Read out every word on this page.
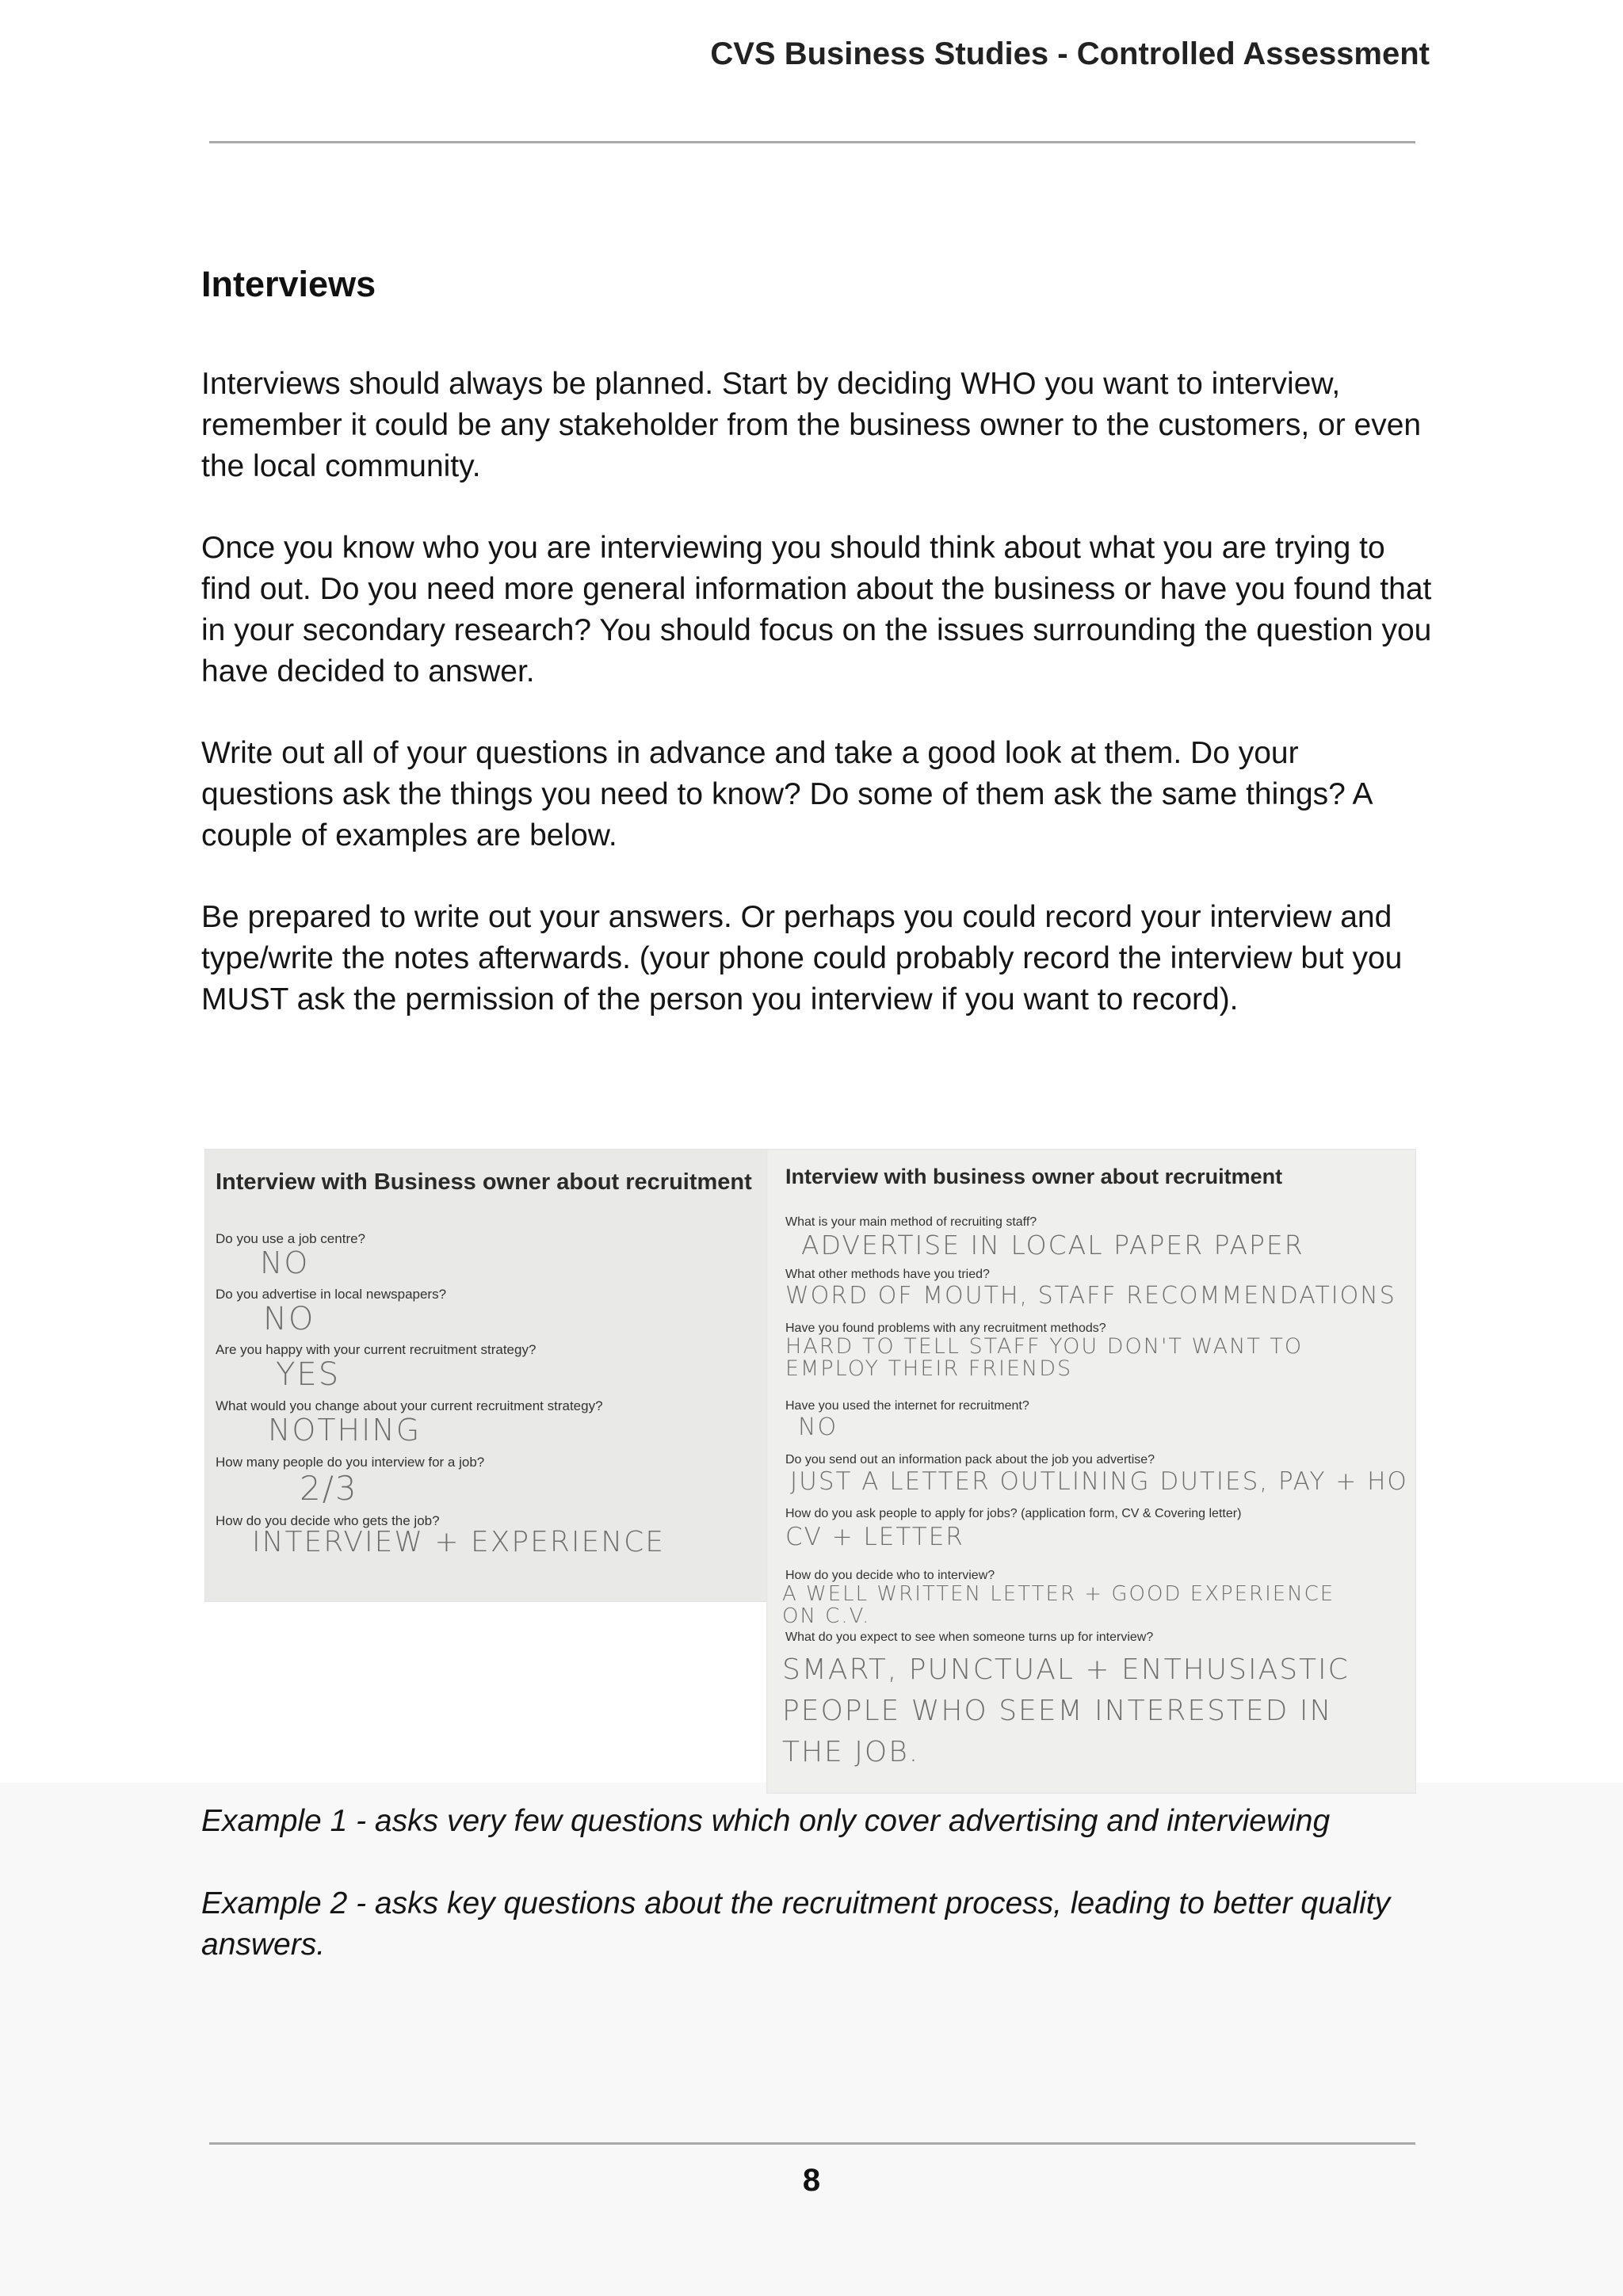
CVS Business Studies - Controlled Assessment
Interviews
Interviews should always be planned. Start by deciding WHO you want to interview, remember it could be any stakeholder from the business owner to the customers, or even the local community.
Once you know who you are interviewing you should think about what you are trying to find out. Do you need more general information about the business or have you found that in your secondary research? You should focus on the issues surrounding the question you have decided to answer.
Write out all of your questions in advance and take a good look at them. Do your questions ask the things you need to know? Do some of them ask the same things? A couple of examples are below.
Be prepared to write out your answers. Or perhaps you could record your interview and type/write the notes afterwards. (your phone could probably record the interview but you MUST ask the permission of the person you interview if you want to record).
Interview with Business owner about recruitment
Do you use a job centre?
NO
Do you advertise in local newspapers?
NO
Are you happy with your current recruitment strategy?
YES
What would you change about your current recruitment strategy?
NOTHING
How many people do you interview for a job?
2/3
How do you decide who gets the job?
INTERVIEW + EXPERIENCE
Interview with business owner about recruitment
What is your main method of recruiting staff?
ADVERTISE IN LOCAL PAPER PAPER
What other methods have you tried?
WORD OF MOUTH, STAFF RECOMMENDATIONS
Have you found problems with any recruitment methods?
HARD TO TELL STAFF YOU DON'T WANT TO EMPLOY THEIR FRIENDS
Have you used the internet for recruitment?
NO
Do you send out an information pack about the job you advertise?
JUST A LETTER OUTLINING DUTIES, PAY + HO
How do you ask people to apply for jobs? (application form, CV & Covering letter)
CV + LETTER
How do you decide who to interview?
A WELL WRITTEN LETTER + GOOD EXPERIENCE ON C.V.
What do you expect to see when someone turns up for interview?
SMART, PUNCTUAL + ENTHUSIASTIC PEOPLE WHO SEEM INTERESTED IN THE JOB.
Example 1 - asks very few questions which only cover advertising and interviewing
Example 2 - asks key questions about the recruitment process, leading to better quality answers.
8
